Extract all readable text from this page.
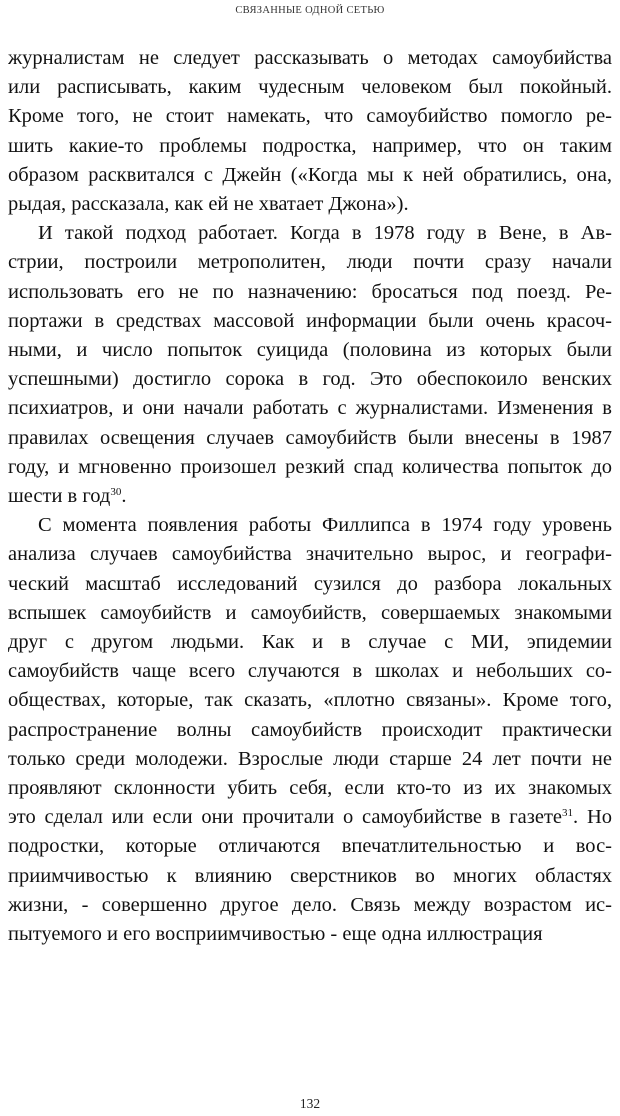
СВЯЗАННЫЕ ОДНОЙ СЕТЬЮ

журналистам не следует рассказывать о методах самоубийства
или расписывать, каким чудесным человеком был покойный.
Кроме того, не стоит намекать, что самоубийство помогло ре-
шить какие-то проблемы подростка, например, что он таким
образом расквитался с Джейн («Когда мы к ней обратились, она,
рыдая, рассказала, как ей не хватает Джона»).

И такой подход работает. Когда в 1978 году в Вене, в Ав-
стрии, построили метрополитен, люди почти сразу начали
использовать его не по назначению: бросаться под поезд. Ре-
портажи в средствах массовой информации были очень красоч-
ными, и число попыток суицида (половина из которых были
успешными) достигло сорока в год. Это обеспокоило венских
психиатров, и они начали работать с журналистами. Изменения в
правилах освещения случаев самоубийств были внесены в 1987
году, и мгновенно произошел резкий спад количества попыток до
шести в год$^{30}$.

С момента появления работы Филлипса в 1974 году уровень
анализа случаев самоубийства значительно вырос, и географи-
ческий масштаб исследований сузился до разбора локальных
вспышек самоубийств и самоубийств, совершаемых знакомыми
друг с другом людьми. Как и в случае с МИ, эпидемии
самоубийств чаще всего случаются в школах и небольших со-
обществах, которые, так сказать, «плотно связаны». Кроме того,
распространение волны самоубийств происходит практически
только среди молодежи. Взрослые люди старше 24 лет почти не
проявляют склонности убить себя, если кто-то из их знакомых
это сделал или если они прочитали о самоубийстве в газете$^{31}$. Но
подростки, которые отличаются впечатлительностью и вос-
приимчивостью к влиянию сверстников во многих областях
жизни, - совершенно другое дело. Связь между возрастом ис-
пытуемого и его восприимчивостью - еще одна иллюстрация

132
